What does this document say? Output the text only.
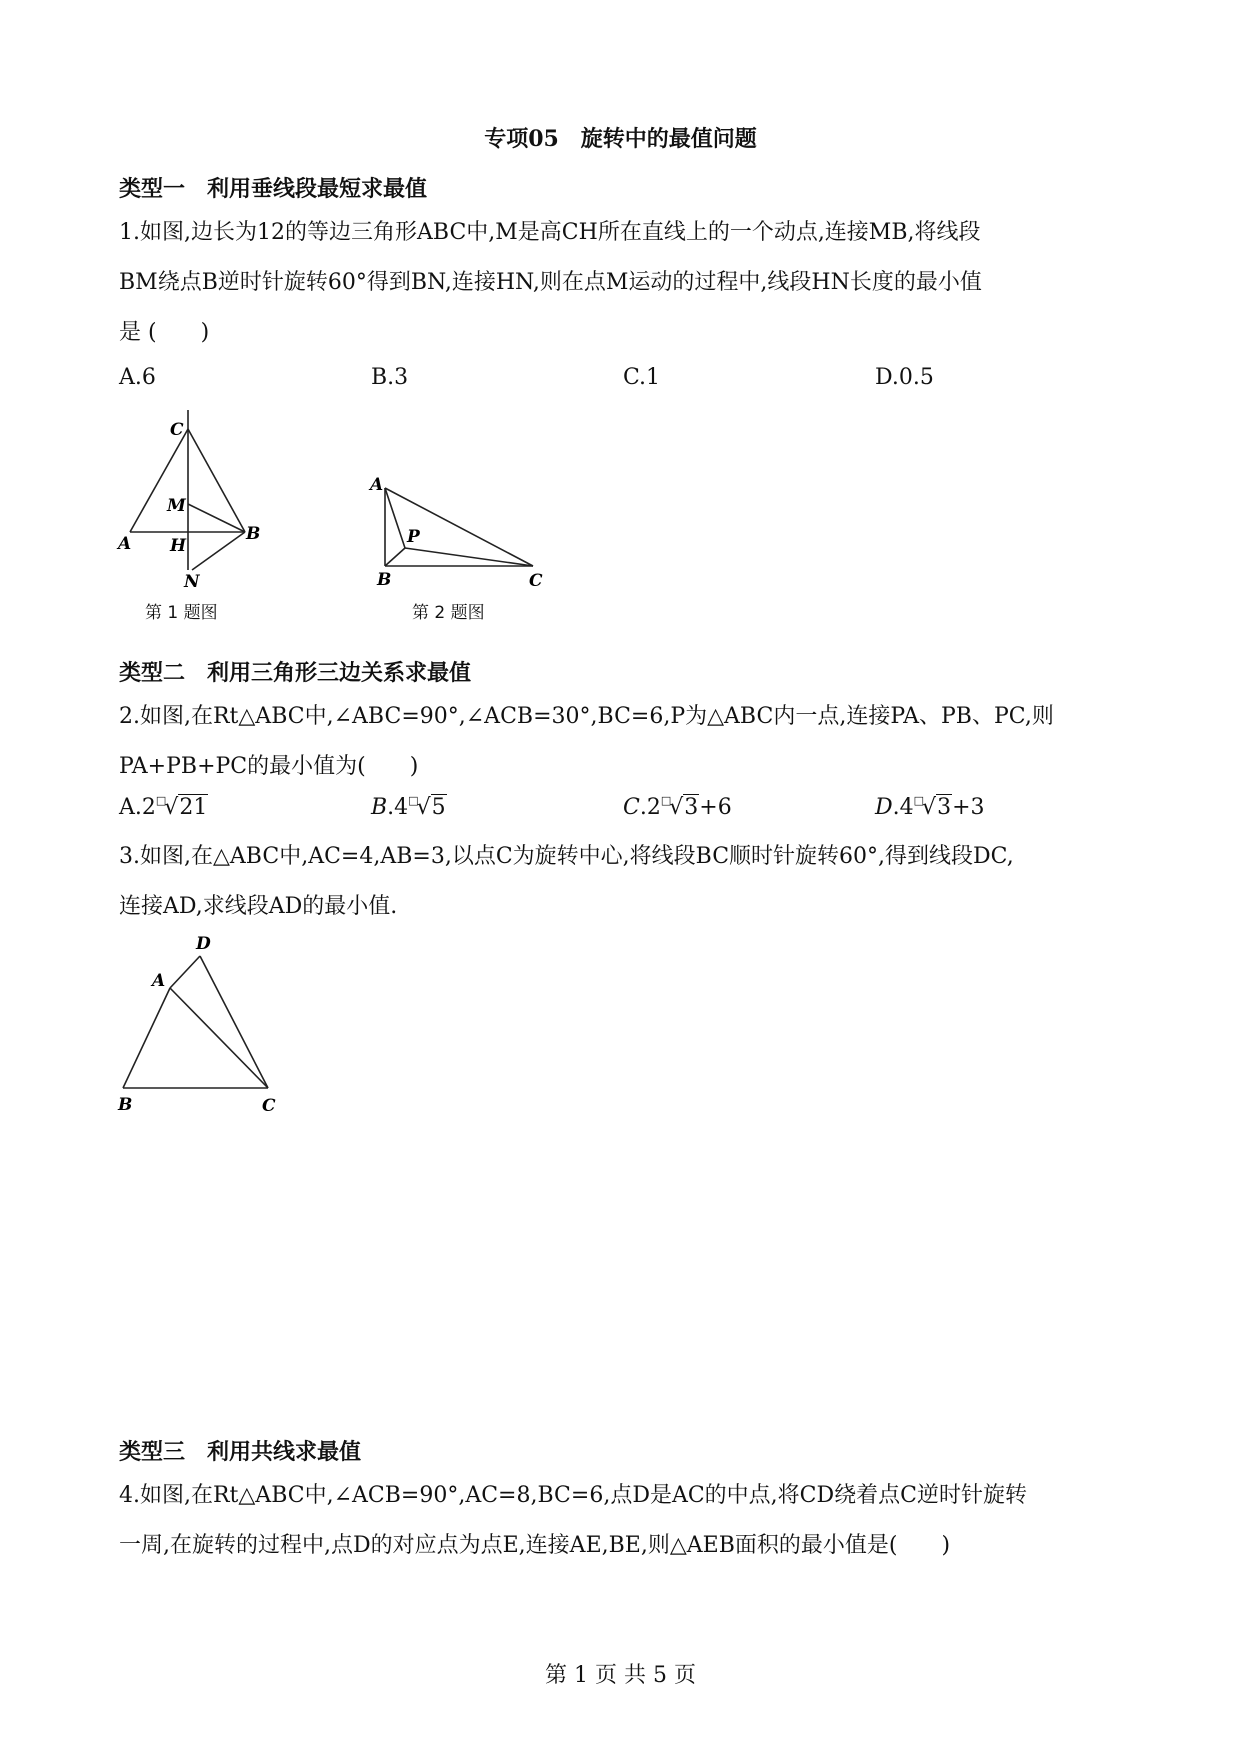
专项05　旋转中的最值问题
类型一　利用垂线段最短求最值
1.如图,边长为12的等边三角形ABC中,M是高CH所在直线上的一个动点,连接MB,将线段
BM绕点B逆时针旋转60°得到BN,连接HN,则在点M运动的过程中,线段HN长度的最小值
是 (　　)
A.6	B.3	C.1	D.0.5
C
M
A H
B
N
第 1 题图
A
P
B	C
第 2 题图
类型二　利用三角形三边关系求最值
2.如图,在Rt△ABC中,∠ABC=90°,∠ACB=30°,BC=6,P为△ABC内一点,连接PA、PB、PC,则
PA+PB+PC的最小值为(　　)
A.2□√21	B.4□√5	C.2□√3+6	D.4□√3+3
3.如图,在△ABC中,AC=4,AB=3,以点C为旋转中心,将线段BC顺时针旋转60°,得到线段DC,
连接AD,求线段AD的最小值.
D
A
B	C
类型三　利用共线求最值
4.如图,在Rt△ABC中,∠ACB=90°,AC=8,BC=6,点D是AC的中点,将CD绕着点C逆时针旋转
一周,在旋转的过程中,点D的对应点为点E,连接AE,BE,则△AEB面积的最小值是(　　)
第 1 页 共 5 页
